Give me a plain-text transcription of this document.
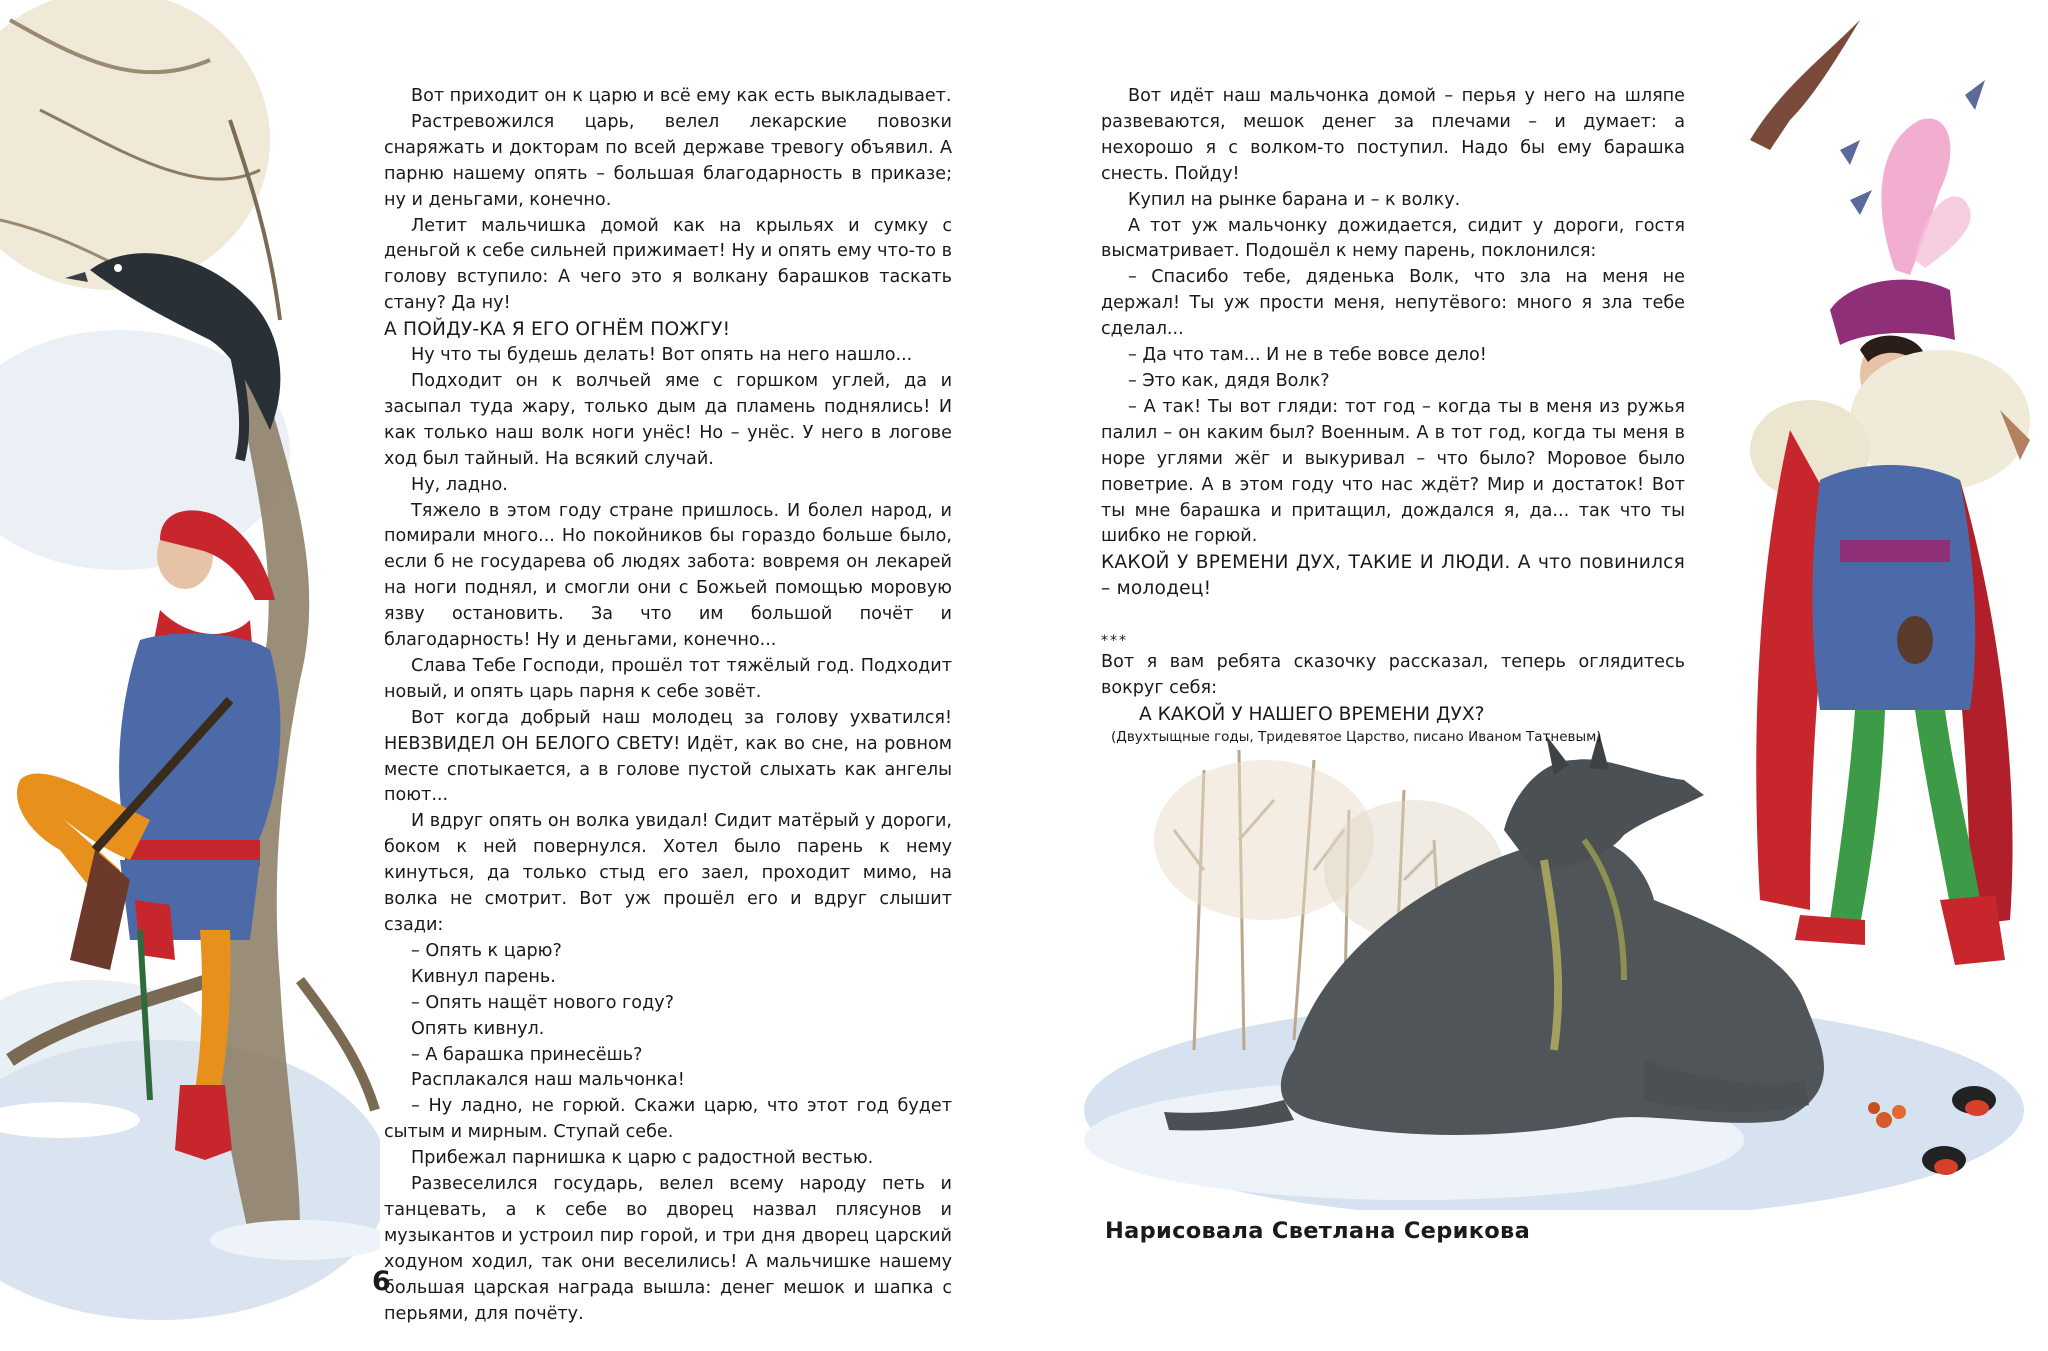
Вот приходит он к царю и всё ему как есть выкладывает.

Растревожился царь, велел лекарские повозки снаряжать и докторам по всей державе тревогу объявил. А парню нашему опять – большая благодарность в приказе; ну и деньгами, конечно.

Летит мальчишка домой как на крыльях и сумку с деньгой к себе сильней прижимает! Ну и опять ему что-то в голову вступило: А чего это я волкану барашков таскать стану? Да ну!

А ПОЙДУ-КА Я ЕГО ОГНЁМ ПОЖГУ!

Ну что ты будешь делать! Вот опять на него нашло...

Подходит он к волчьей яме с горшком углей, да и засыпал туда жару, только дым да пламень поднялись! И как только наш волк ноги унёс! Но – унёс. У него в логове ход был тайный. На всякий случай.

Ну, ладно.

Тяжело в этом году стране пришлось. И болел народ, и помирали много... Но покойников бы гораздо больше было, если б не государева об людях забота: вовремя он лекарей на ноги поднял, и смогли они с Божьей помощью моровую язву остановить. За что им большой почёт и благодарность! Ну и деньгами, конечно...

Слава Тебе Господи, прошёл тот тяжёлый год. Подходит новый, и опять царь парня к себе зовёт.

Вот когда добрый наш молодец за голову ухватился! НЕВЗВИДЕЛ ОН БЕЛОГО СВЕТУ! Идёт, как во сне, на ровном месте спотыкается, а в голове пустой слыхать как ангелы поют...

И вдруг опять он волка увидал! Сидит матёрый у дороги, боком к ней повернулся. Хотел было парень к нему кинуться, да только стыд его заел, проходит мимо, на волка не смотрит. Вот уж прошёл его и вдруг слышит сзади:

– Опять к царю?

Кивнул парень.

– Опять нащёт нового году?

Опять кивнул.

– А барашка принесёшь?

Расплакался наш мальчонка!

– Ну ладно, не горюй. Скажи царю, что этот год будет сытым и мирным. Ступай себе.

Прибежал парнишка к царю с радостной вестью.

Развеселился государь, велел всему народу петь и танцевать, а к себе во дворец назвал плясунов и музыкантов и устроил пир горой, и три дня дворец царский ходуном ходил, так они веселились! А мальчишке нашему большая царская награда вышла: денег мешок и шапка с перьями, для почёту.

6

Вот идёт наш мальчонка домой – перья у него на шляпе развеваются, мешок денег за плечами – и думает: а нехорошо я с волком-то поступил. Надо бы ему барашка снесть. Пойду!

Купил на рынке барана и – к волку.

А тот уж мальчонку дожидается, сидит у дороги, гостя высматривает. Подошёл к нему парень, поклонился:

– Спасибо тебе, дяденька Волк, что зла на меня не держал! Ты уж прости меня, непутёвого: много я зла тебе сделал...

– Да что там... И не в тебе вовсе дело!

– Это как, дядя Волк?

– А так! Ты вот гляди: тот год – когда ты в меня из ружья палил – он каким был? Военным. А в тот год, когда ты меня в норе углями жёг и выкуривал – что было? Моровое было поветрие. А в этом году что нас ждёт? Мир и достаток! Вот ты мне барашка и притащил, дождался я, да... так что ты шибко не горюй.

КАКОЙ У ВРЕМЕНИ ДУХ, ТАКИЕ И ЛЮДИ. А что повинился – молодец!

***

Вот я вам ребята сказочку рассказал, теперь оглядитесь вокруг себя:

А КАКОЙ У НАШЕГО ВРЕМЕНИ ДУХ?

(Двухтыщные годы, Тридевятое Царство, писано Иваном Татневым)

Нарисовала Светлана Серикова
